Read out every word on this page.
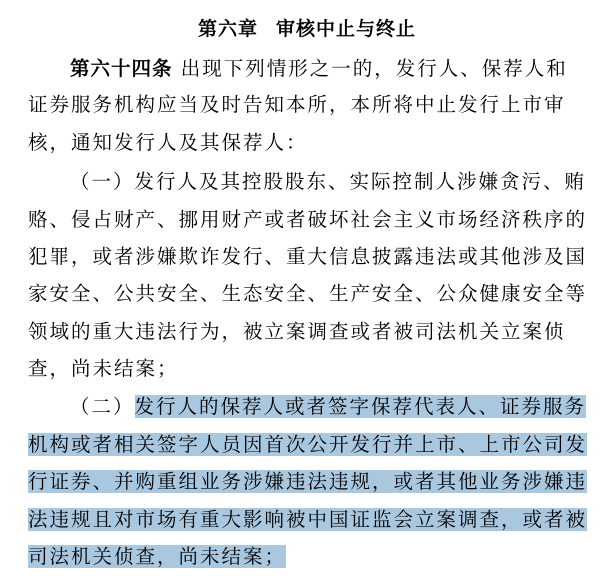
第六章 审核中止与终止
第六十四条 出现下列情形之一的，发行人、保荐人和
证券服务机构应当及时告知本所，本所将中止发行上市审
核，通知发行人及其保荐人：
（一）发行人及其控股股东、实际控制人涉嫌贪污、贿
赂、侵占财产、挪用财产或者破坏社会主义市场经济秩序的
犯罪，或者涉嫌欺诈发行、重大信息披露违法或其他涉及国
家安全、公共安全、生态安全、生产安全、公众健康安全等
领域的重大违法行为，被立案调查或者被司法机关立案侦
查，尚未结案；
（二）发行人的保荐人或者签字保荐代表人、证券服务
机构或者相关签字人员因首次公开发行并上市、上市公司发
行证券、并购重组业务涉嫌违法违规，或者其他业务涉嫌违
法违规且对市场有重大影响被中国证监会立案调查，或者被
司法机关侦查，尚未结案；
